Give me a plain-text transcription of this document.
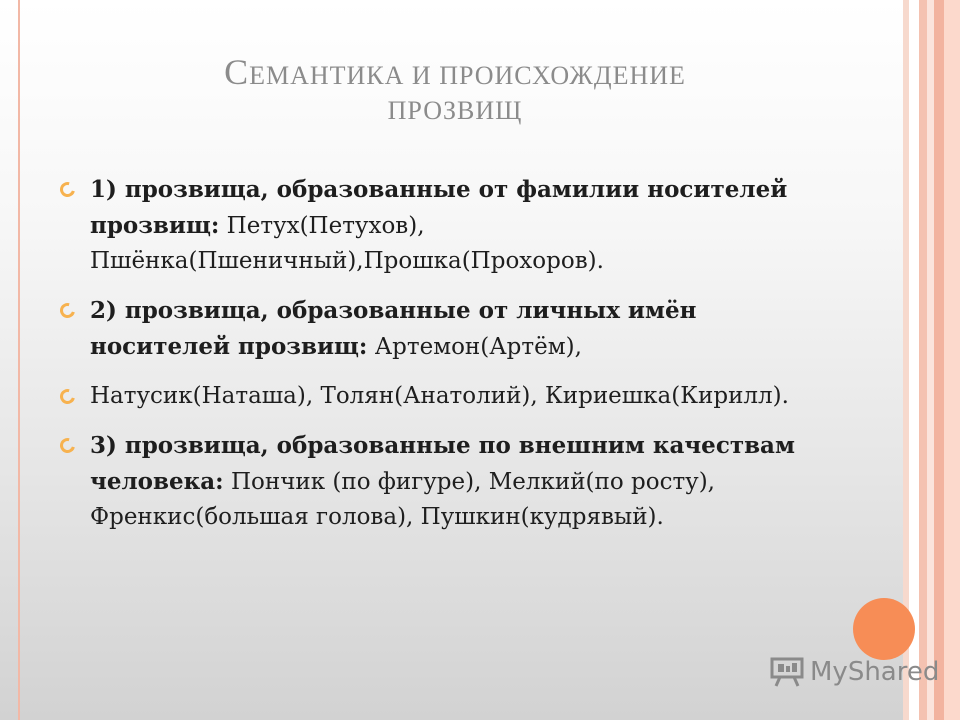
СЕМАНТИКА И ПРОИСХОЖДЕНИЕ
ПРОЗВИЩ
1) прозвища, образованные от фамилии носителей прозвищ: Петух(Петухов), Пшёнка(Пшеничный),Прошка(Прохоров).
2) прозвища, образованные от личных имён носителей прозвищ: Артемон(Артём),
Натусик(Наташа), Толян(Анатолий), Кириешка(Кирилл).
3) прозвища, образованные по внешним качествам человека: Пончик (по фигуре), Мелкий(по росту), Френкис(большая голова), Пушкин(кудрявый).
MyShared
